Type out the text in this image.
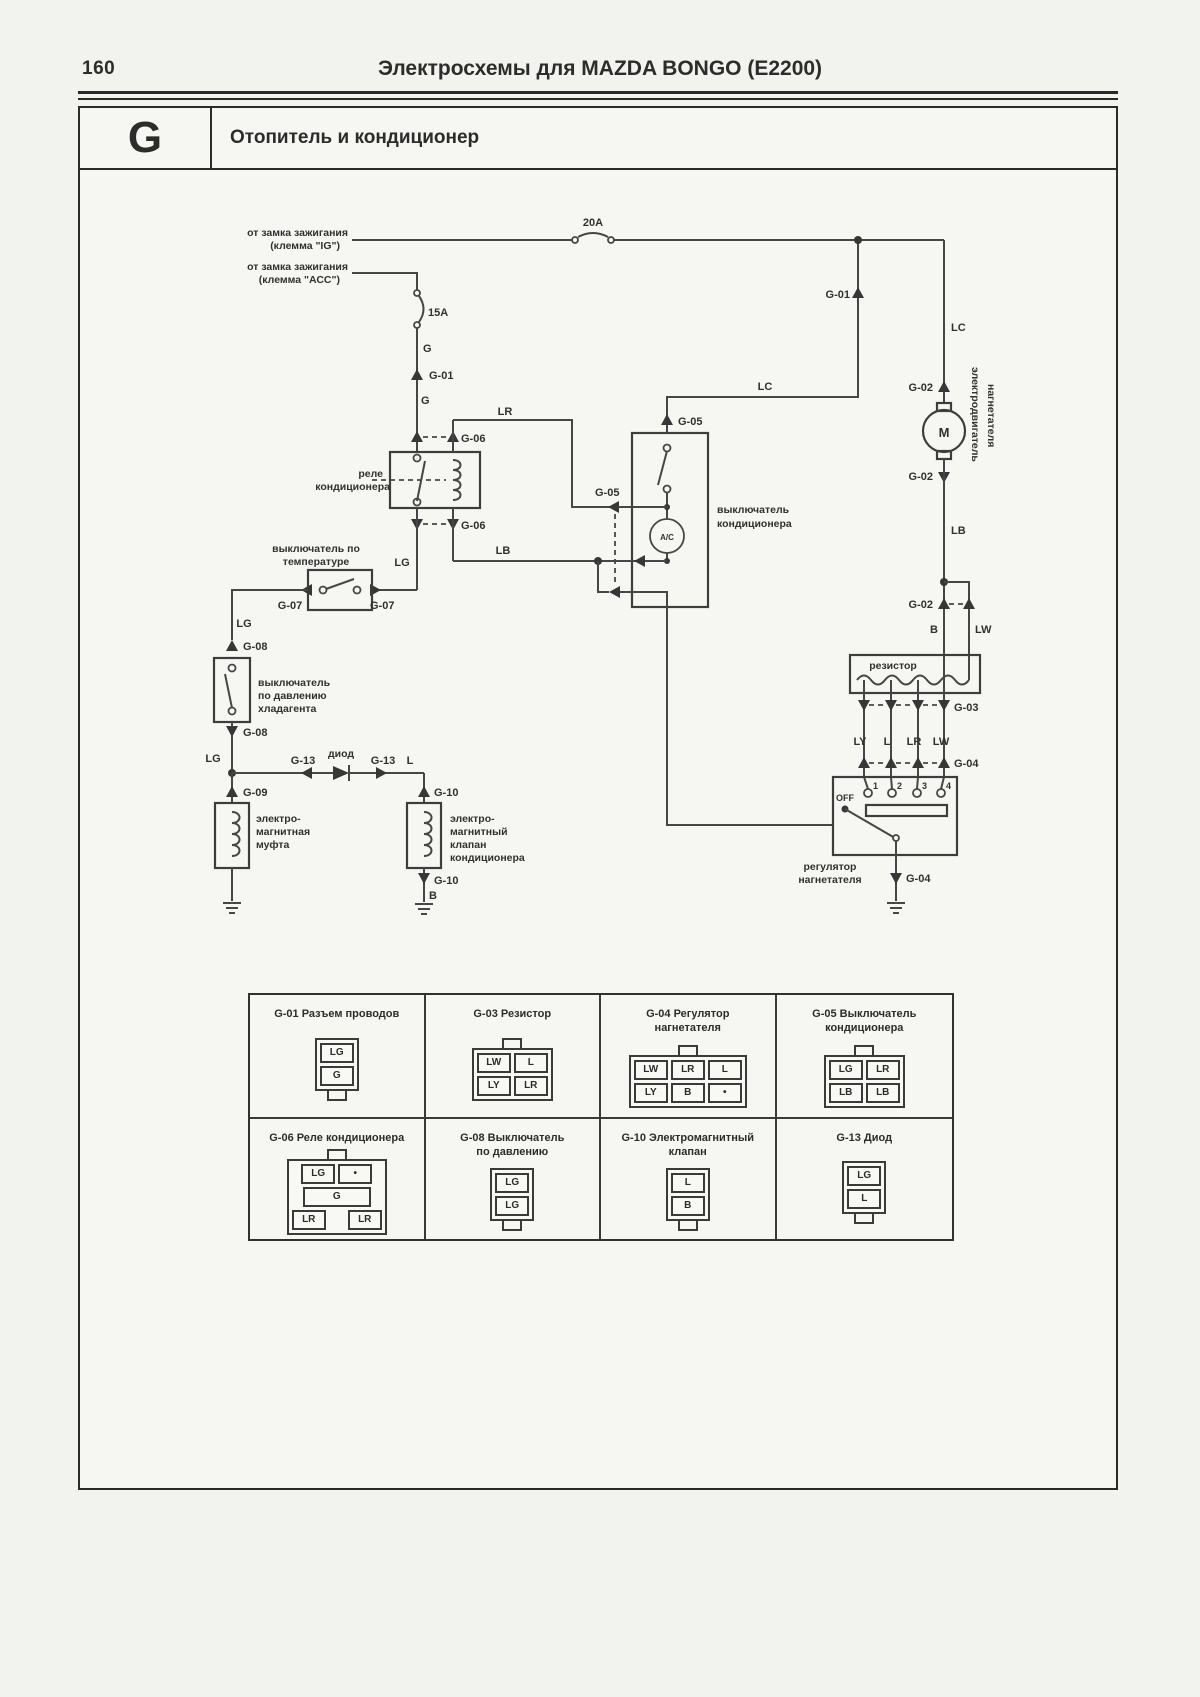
160	Электросхемы для MAZDA BONGO (E2200)
G	Отопитель и кондиционер
от замка зажигания
(клемма "IG")
от замка зажигания
(клемма "АСС")
20A
15A
G
G-01
G
G-01
LC
G-06
G-06
реле
кондиционера
LR
G-05
LG
выключатель по
температуре
G-07
G-07
LG
G-08
G-08
выключатель
по давлению
хладагента
LG
G-09
электро-
магнитная
муфта
G-13
диод
G-13 L
G-10
G-10
B
электро-
магнитный
клапан
кондиционера
A/C
G-05
LB
выключатель
кондиционера
LC
G-02
M
G-02
LB
G-02
B	LW
электродвигатель нагнетателя
резистор
G-03
LY L LR LW
G-04
OFF
1 2 3 4
регулятор
нагнетателя	G-04
G-01 Разъем проводов
LG
G
G-03 Резистор
LW	L
LY	LR
G-04 Регулятор
нагнетателя
LW	LR	L
LY	B	•
G-05 Выключатель
кондиционера
LG	LR
LB	LB
G-06 Реле кондиционера
LG	•
G
LR	LR
G-08 Выключатель
по давлению
LG
LG
G-10 Электромагнитный
клапан
L
B
G-13 Диод
LG
L
